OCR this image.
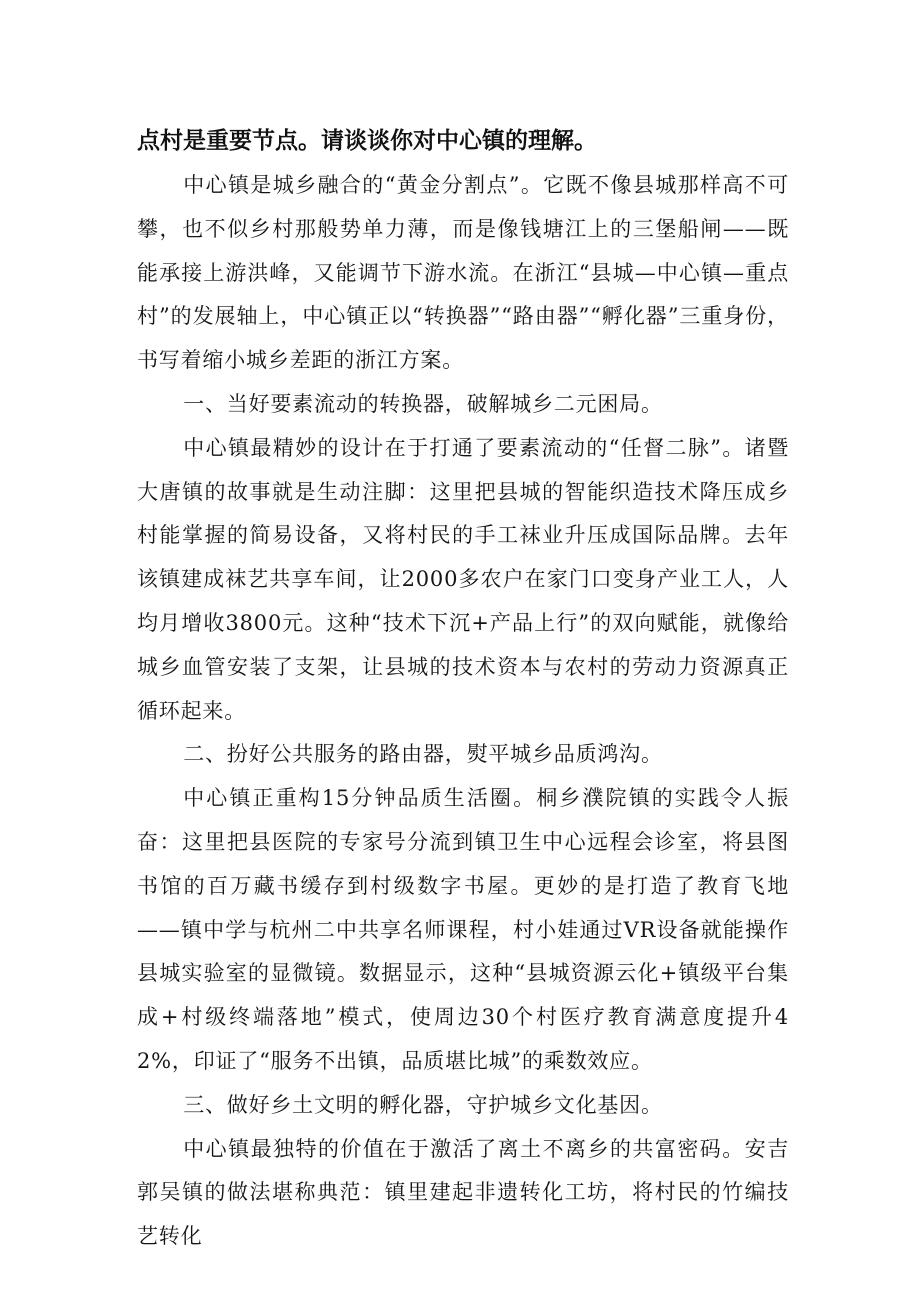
点村是重要节点。请谈谈你对中心镇的理解。

中心镇是城乡融合的“黄金分割点”。它既不像县城那样高不可攀，也不似乡村那般势单力薄，而是像钱塘江上的三堡船闸——既能承接上游洪峰，又能调节下游水流。在浙江“县城—中心镇—重点村”的发展轴上，中心镇正以“转换器”“路由器”“孵化器”三重身份，书写着缩小城乡差距的浙江方案。

一、当好要素流动的转换器，破解城乡二元困局。

中心镇最精妙的设计在于打通了要素流动的“任督二脉”。诸暨大唐镇的故事就是生动注脚：这里把县城的智能织造技术降压成乡村能掌握的简易设备，又将村民的手工袜业升压成国际品牌。去年该镇建成袜艺共享车间，让2000多农户在家门口变身产业工人，人均月增收3800元。这种“技术下沉+产品上行”的双向赋能，就像给城乡血管安装了支架，让县城的技术资本与农村的劳动力资源真正循环起来。

二、扮好公共服务的路由器，熨平城乡品质鸿沟。

中心镇正重构15分钟品质生活圈。桐乡濮院镇的实践令人振奋：这里把县医院的专家号分流到镇卫生中心远程会诊室，将县图书馆的百万藏书缓存到村级数字书屋。更妙的是打造了教育飞地——镇中学与杭州二中共享名师课程，村小娃通过VR设备就能操作县城实验室的显微镜。数据显示，这种“县城资源云化+镇级平台集成+村级终端落地”模式，使周边30个村医疗教育满意度提升42%，印证了“服务不出镇，品质堪比城”的乘数效应。

三、做好乡土文明的孵化器，守护城乡文化基因。

中心镇最独特的价值在于激活了离土不离乡的共富密码。安吉郭吴镇的做法堪称典范：镇里建起非遗转化工坊，将村民的竹编技艺转化
